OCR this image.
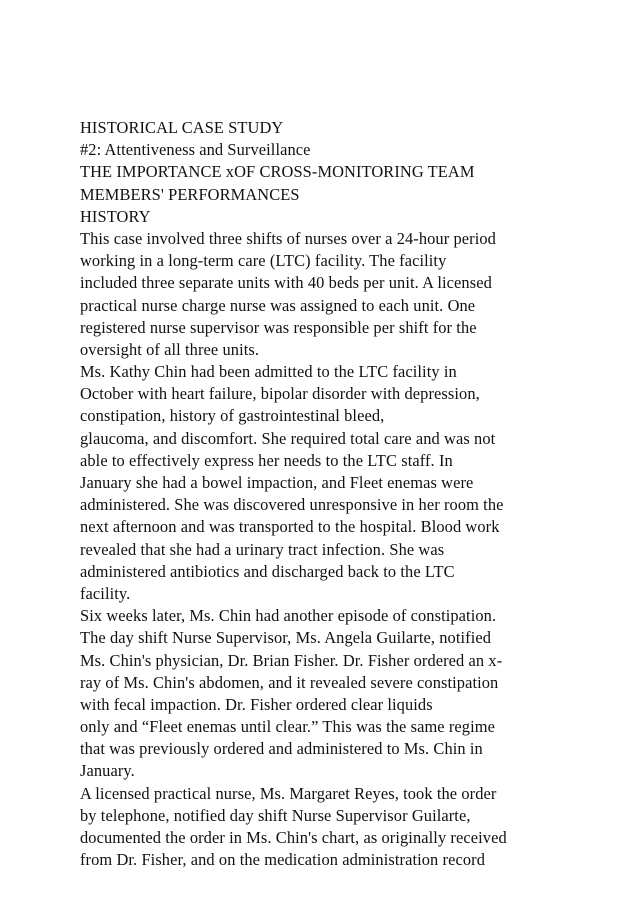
HISTORICAL CASE STUDY
#2: Attentiveness and Surveillance
THE IMPORTANCE xOF CROSS-MONITORING TEAM
MEMBERS' PERFORMANCES
HISTORY
This case involved three shifts of nurses over a 24-hour period
working in a long-term care (LTC) facility. The facility
included three separate units with 40 beds per unit. A licensed
practical nurse charge nurse was assigned to each unit. One
registered nurse supervisor was responsible per shift for the
oversight of all three units.
Ms. Kathy Chin had been admitted to the LTC facility in
October with heart failure, bipolar disorder with depression,
constipation, history of gastrointestinal bleed,
glaucoma, and discomfort. She required total care and was not
able to effectively express her needs to the LTC staff. In
January she had a bowel impaction, and Fleet enemas were
administered. She was discovered unresponsive in her room the
next afternoon and was transported to the hospital. Blood work
revealed that she had a urinary tract infection. She was
administered antibiotics and discharged back to the LTC
facility.
Six weeks later, Ms. Chin had another episode of constipation.
The day shift Nurse Supervisor, Ms. Angela Guilarte, notified
Ms. Chin's physician, Dr. Brian Fisher. Dr. Fisher ordered an x-
ray of Ms. Chin's abdomen, and it revealed severe constipation
with fecal impaction. Dr. Fisher ordered clear liquids
only and “Fleet enemas until clear.” This was the same regime
that was previously ordered and administered to Ms. Chin in
January.
A licensed practical nurse, Ms. Margaret Reyes, took the order
by telephone, notified day shift Nurse Supervisor Guilarte,
documented the order in Ms. Chin's chart, as originally received
from Dr. Fisher, and on the medication administration record
